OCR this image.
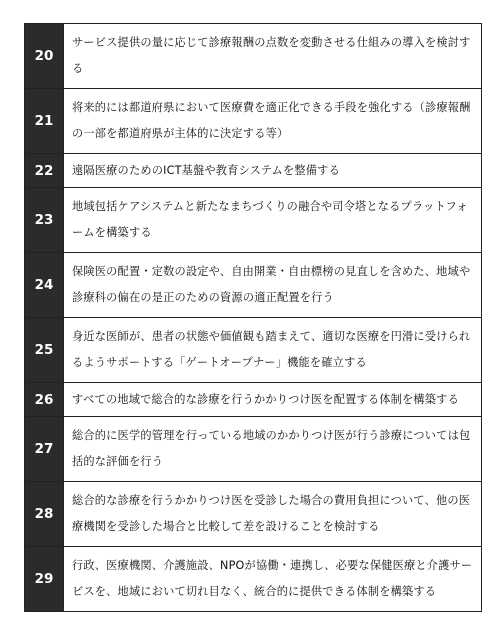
20	サービス提供の量に応じて診療報酬の点数を変動させる仕組みの導入を検討する
21	将来的には都道府県において医療費を適正化できる手段を強化する（診療報酬の一部を都道府県が主体的に決定する等）
22	遠隔医療のためのICT基盤や教育システムを整備する
23	地域包括ケアシステムと新たなまちづくりの融合や司令塔となるプラットフォームを構築する
24	保険医の配置・定数の設定や、自由開業・自由標榜の見直しを含めた、地域や診療科の偏在の是正のための資源の適正配置を行う
25	身近な医師が、患者の状態や価値観も踏まえて、適切な医療を円滑に受けられるようサポートする「ゲートオープナー」機能を確立する
26	すべての地域で総合的な診療を行うかかりつけ医を配置する体制を構築する
27	総合的に医学的管理を行っている地域のかかりつけ医が行う診療については包括的な評価を行う
28	総合的な診療を行うかかりつけ医を受診した場合の費用負担について、他の医療機関を受診した場合と比較して差を設けることを検討する
29	行政、医療機関、介護施設、NPOが協働・連携し、必要な保健医療と介護サービスを、地域において切れ目なく、統合的に提供できる体制を構築する
